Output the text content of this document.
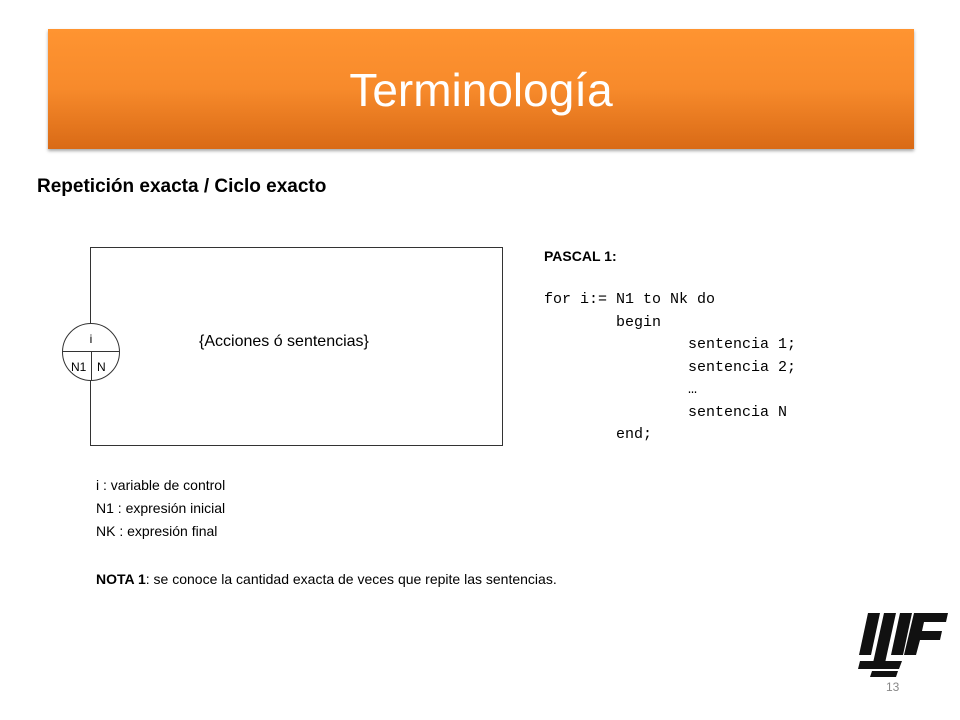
Terminología
Repetición exacta / Ciclo exacto
{Acciones ó sentencias}
i
N1 N
PASCAL 1:
for i:= N1 to Nk do
begin
sentencia 1;
sentencia 2;
…
sentencia N
end;
i : variable de control
N1 : expresión inicial
NK : expresión final
NOTA 1: se conoce la cantidad exacta de veces que repite las sentencias.
13
